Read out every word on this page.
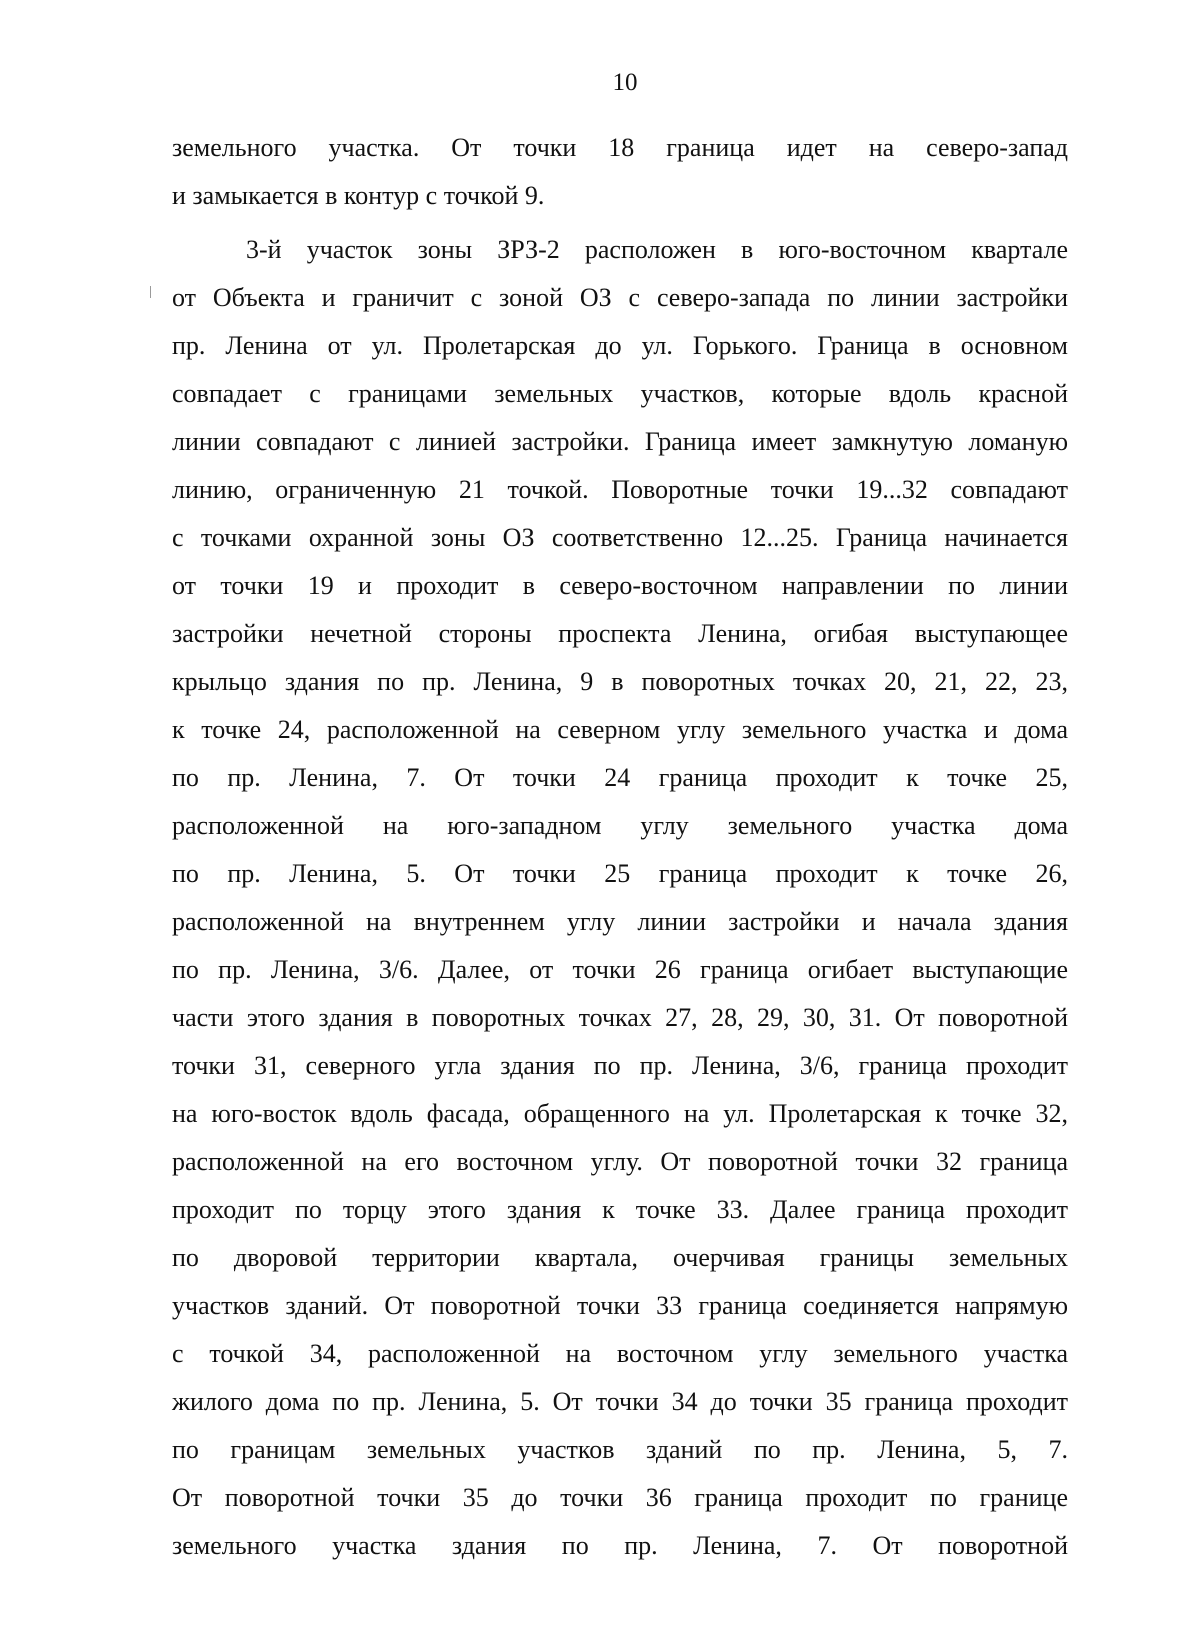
10
земельного участка. От точки 18 граница идет на северо-запад
и замыкается в контур с точкой 9.
3-й участок зоны ЗРЗ-2 расположен в юго-восточном квартале
от Объекта и граничит с зоной ОЗ с северо-запада по линии застройки
пр. Ленина от ул. Пролетарская до ул. Горького. Граница в основном
совпадает с границами земельных участков, которые вдоль красной
линии совпадают с линией застройки. Граница имеет замкнутую ломаную
линию, ограниченную 21 точкой. Поворотные точки 19...32 совпадают
с точками охранной зоны ОЗ соответственно 12...25. Граница начинается
от точки 19 и проходит в северо-восточном направлении по линии
застройки нечетной стороны проспекта Ленина, огибая выступающее
крыльцо здания по пр. Ленина, 9 в поворотных точках 20, 21, 22, 23,
к точке 24, расположенной на северном углу земельного участка и дома
по пр. Ленина, 7. От точки 24 граница проходит к точке 25,
расположенной на юго-западном углу земельного участка дома
по пр. Ленина, 5. От точки 25 граница проходит к точке 26,
расположенной на внутреннем углу линии застройки и начала здания
по пр. Ленина, 3/6. Далее, от точки 26 граница огибает выступающие
части этого здания в поворотных точках 27, 28, 29, 30, 31. От поворотной
точки 31, северного угла здания по пр. Ленина, 3/6, граница проходит
на юго-восток вдоль фасада, обращенного на ул. Пролетарская к точке 32,
расположенной на его восточном углу. От поворотной точки 32 граница
проходит по торцу этого здания к точке 33. Далее граница проходит
по дворовой территории квартала, очерчивая границы земельных
участков зданий. От поворотной точки 33 граница соединяется напрямую
с точкой 34, расположенной на восточном углу земельного участка
жилого дома по пр. Ленина, 5. От точки 34 до точки 35 граница проходит
по границам земельных участков зданий по пр. Ленина, 5, 7.
От поворотной точки 35 до точки 36 граница проходит по границе
земельного участка здания по пр. Ленина, 7. От поворотной
